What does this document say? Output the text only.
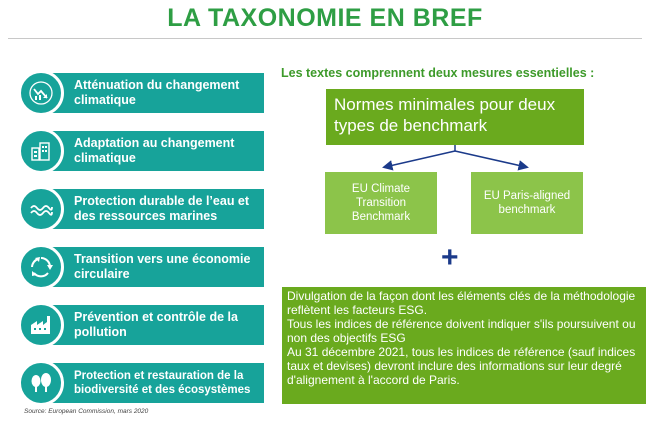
LA TAXONOMIE EN BREF
Atténuation du changement climatique
Adaptation au changement climatique
Protection durable de l’eau et des ressources marines
Transition vers une économie circulaire
Prévention et contrôle de la pollution
Protection et restauration de la biodiversité et des écosystèmes
Source: European Commission, mars 2020
Les textes comprennent deux mesures essentielles :
Normes minimales pour deux types de benchmark
EU Climate Transition Benchmark
EU Paris-aligned benchmark
+

Divulgation de la façon dont les éléments clés de la méthodologie reflètent les facteurs ESG.

Tous les indices de référence doivent indiquer s'ils poursuivent ou non des objectifs ESG

Au 31 décembre 2021, tous les indices de référence (sauf indices taux et devises) devront inclure des informations sur leur degré d'alignement à l'accord de Paris.
